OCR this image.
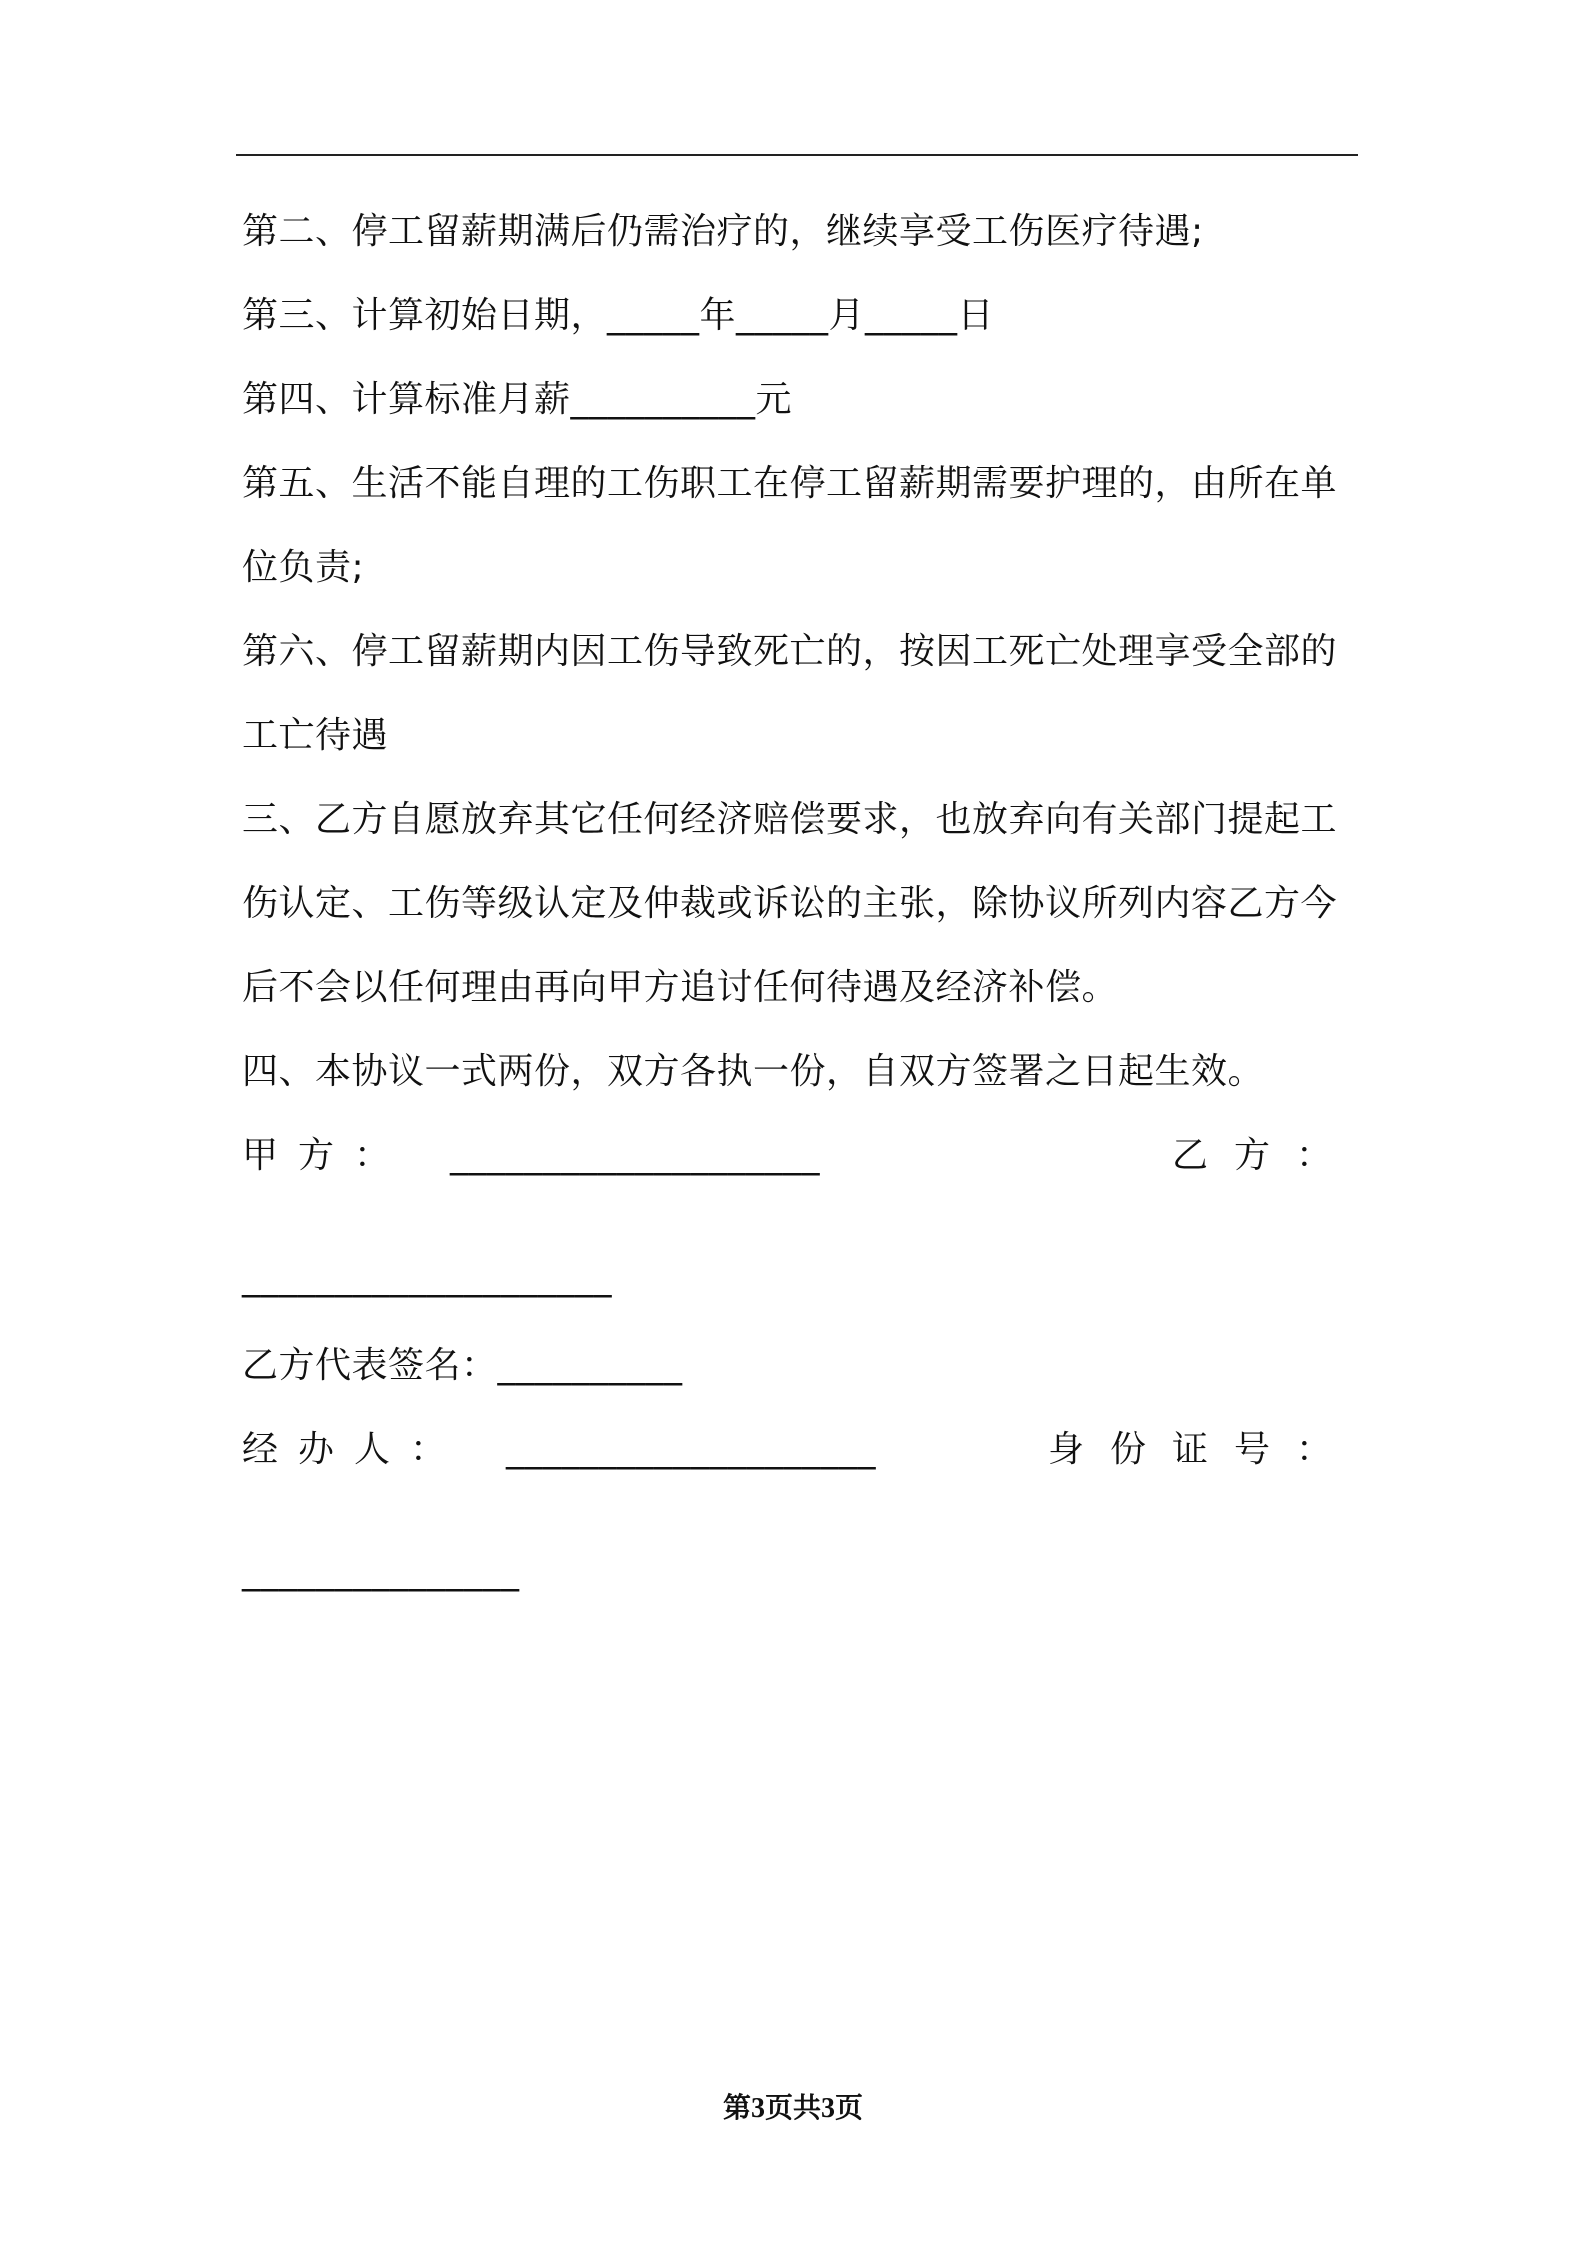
第二、停工留薪期满后仍需治疗的，继续享受工伤医疗待遇;

第三、计算初始日期，_____年_____月_____日

第四、计算标准月薪__________元

第五、生活不能自理的工伤职工在停工留薪期需要护理的，由所在单位负责;

第六、停工留薪期内因工伤导致死亡的，按因工死亡处理享受全部的工亡待遇

三、乙方自愿放弃其它任何经济赔偿要求，也放弃向有关部门提起工伤认定、工伤等级认定及仲裁或诉讼的主张，除协议所列内容乙方今后不会以任何理由再向甲方追讨任何待遇及经济补偿。

四、本协议一式两份，双方各执一份，自双方签署之日起生效。

甲方： ____________________	乙方：
____________________
乙方代表签名：__________
经办人： ____________________	身份证号：
_______________
第3页共3页
